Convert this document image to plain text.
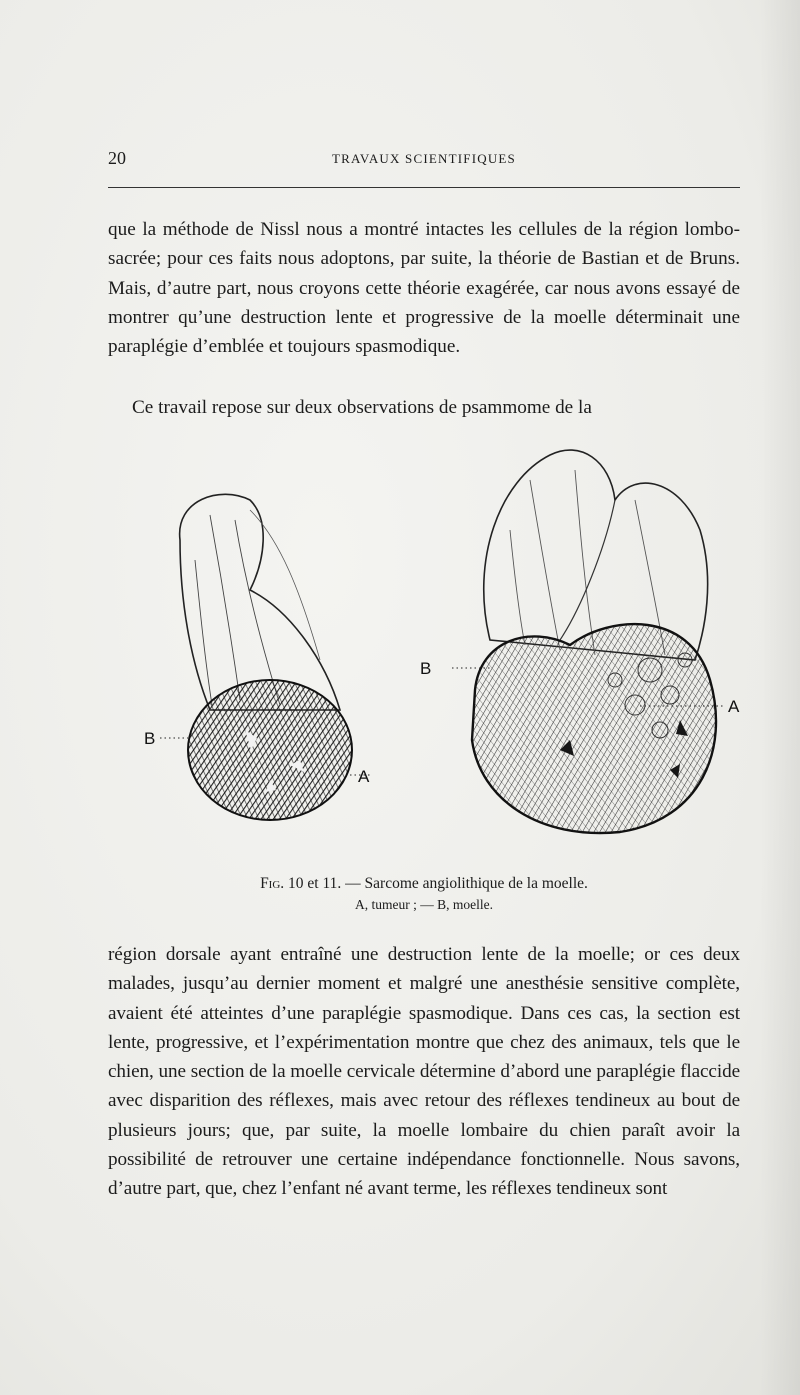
20	TRAVAUX SCIENTIFIQUES

que la méthode de Nissl nous a montré intactes les cellules de la région lombo-sacrée; pour ces faits nous adoptons, par suite, la théorie de Bastian et de Bruns. Mais, d’autre part, nous croyons cette théorie exagérée, car nous avons essayé de montrer qu’une destruction lente et progressive de la moelle déterminait une paraplégie d’emblée et toujours spasmodique.

Ce travail repose sur deux observations de psammome de la

B
A
B
A
Fig. 10 et 11. — Sarcome angiolithique de la moelle.
A, tumeur ; — B, moelle.

région dorsale ayant entraîné une destruction lente de la moelle; or ces deux malades, jusqu’au dernier moment et malgré une anesthésie sensitive complète, avaient été atteintes d’une paraplégie spasmodique. Dans ces cas, la section est lente, progressive, et l’expérimentation montre que chez des animaux, tels que le chien, une section de la moelle cervicale détermine d’abord une paraplégie flaccide avec disparition des réflexes, mais avec retour des réflexes tendineux au bout de plusieurs jours; que, par suite, la moelle lombaire du chien paraît avoir la possibilité de retrouver une certaine indépendance fonctionnelle. Nous savons, d’autre part, que, chez l’enfant né avant terme, les réflexes tendineux sont
